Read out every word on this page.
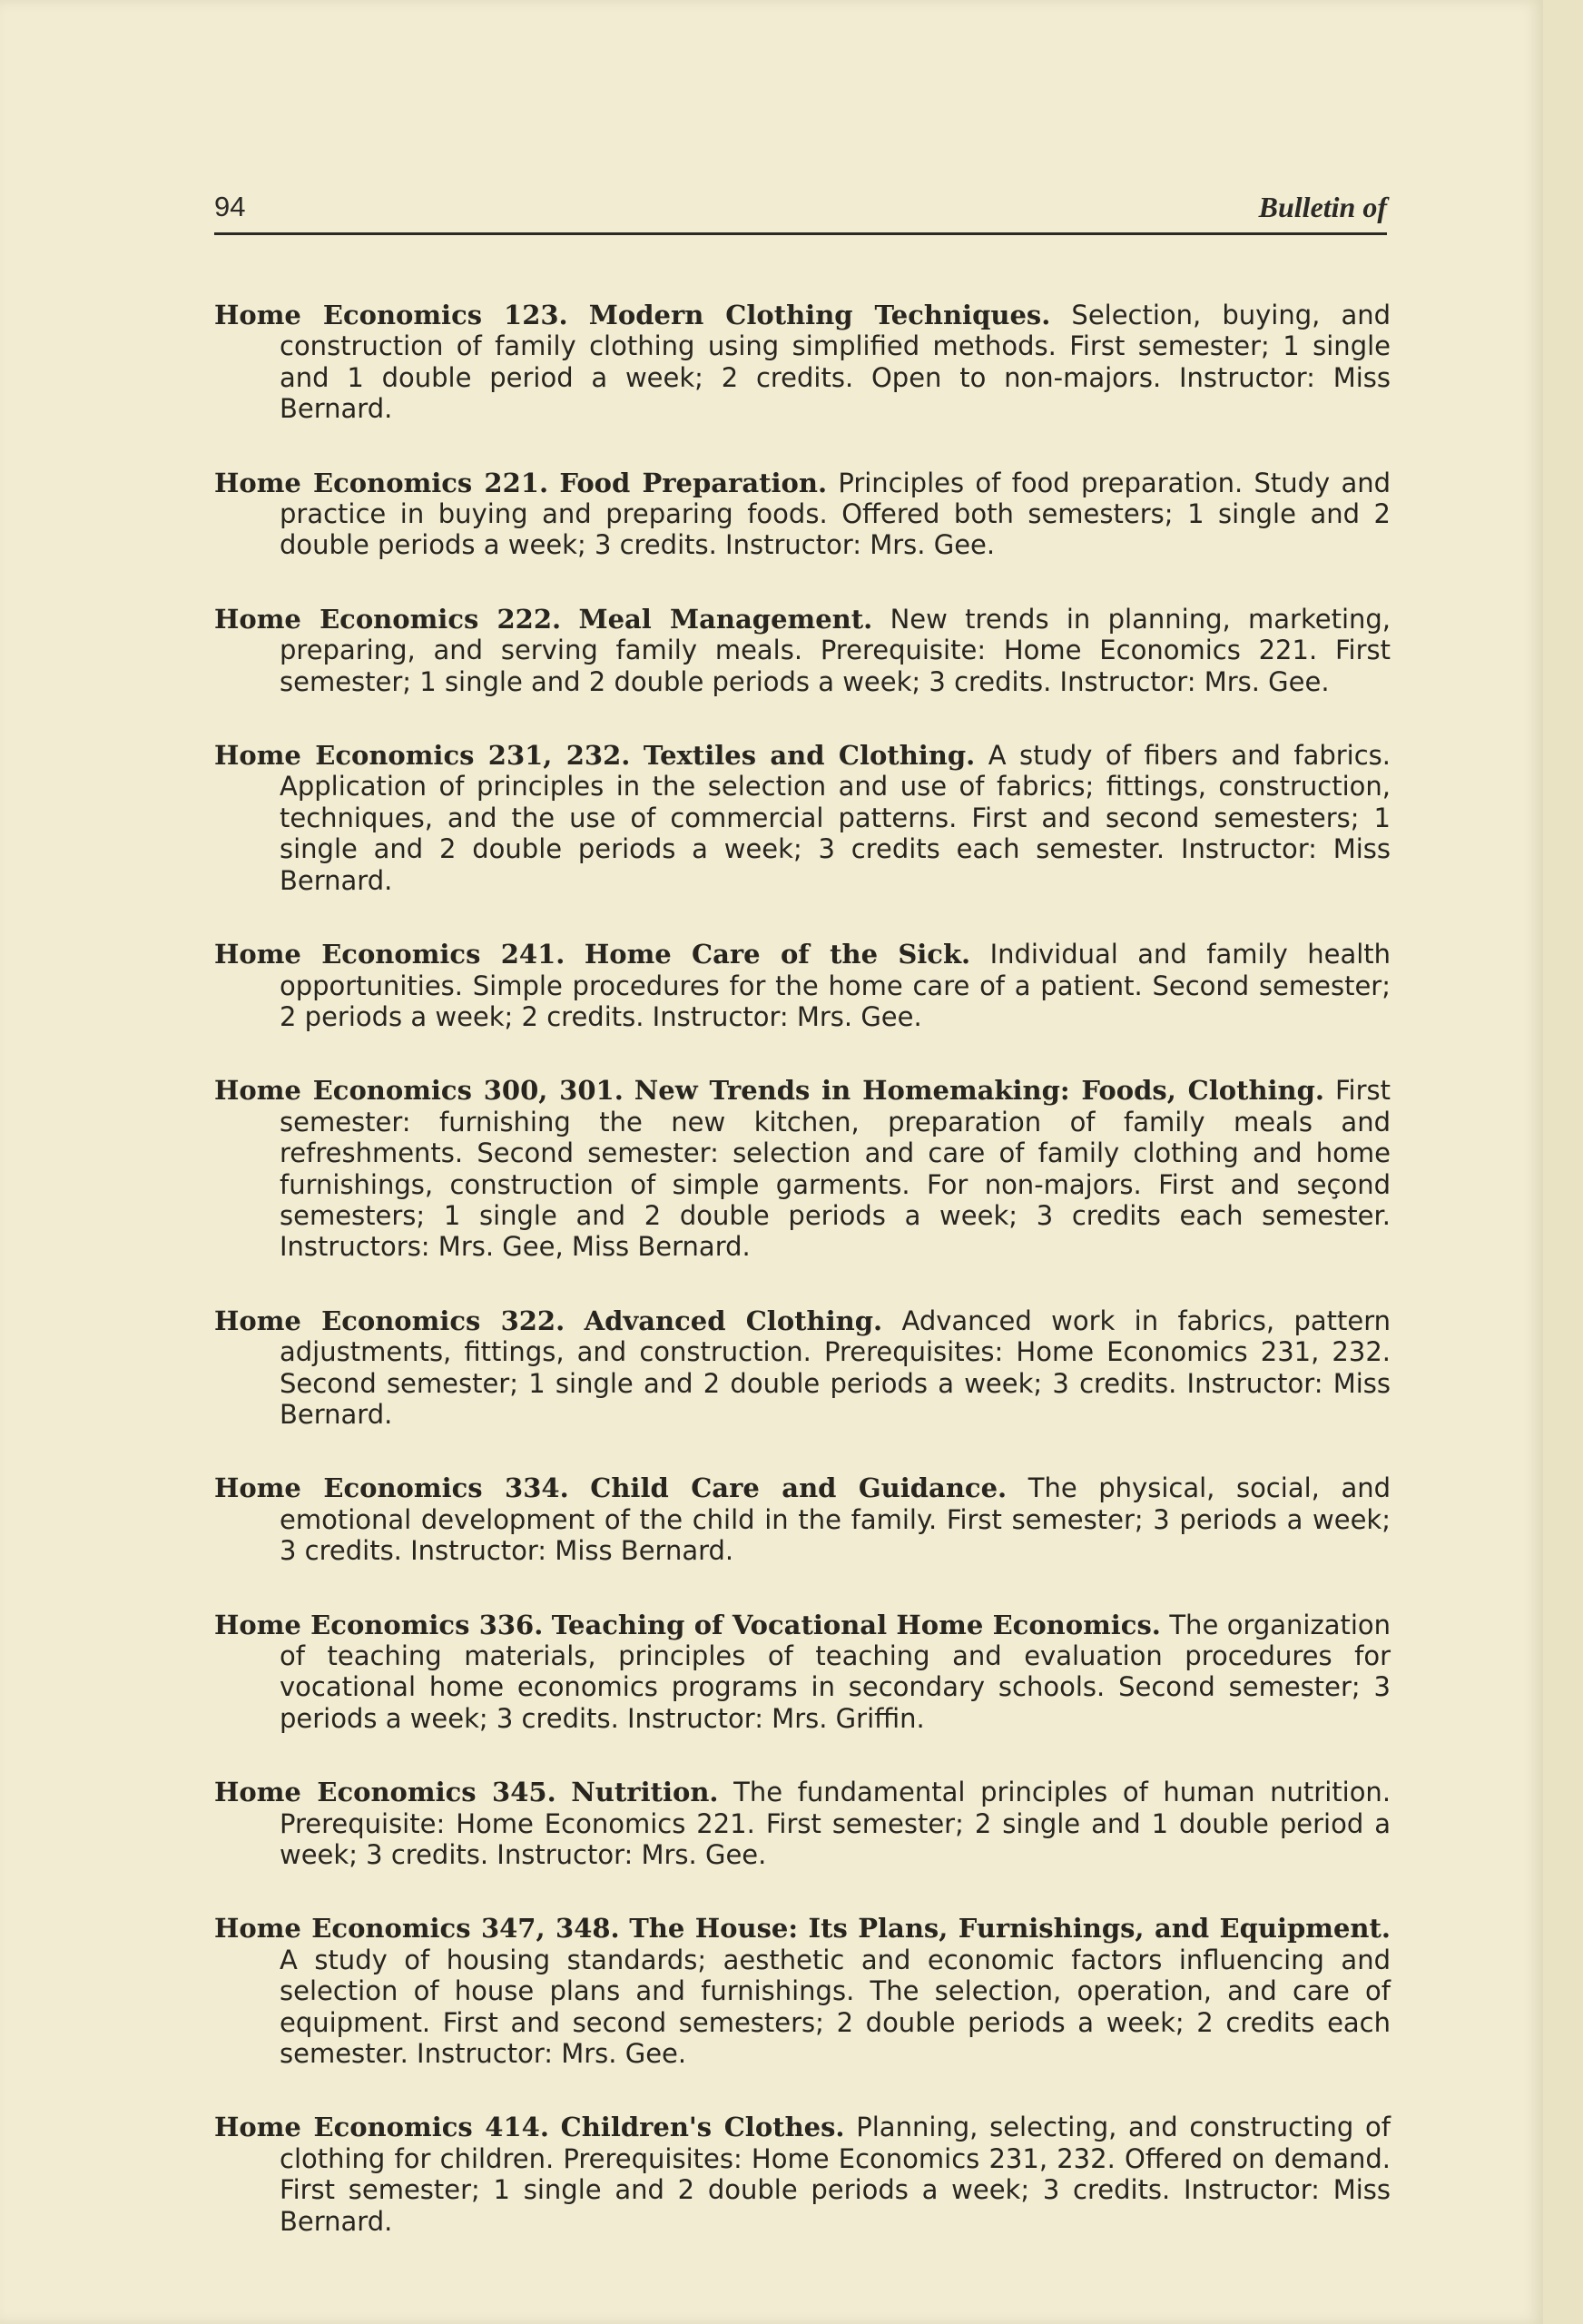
94	Bulletin of

Home Economics 123. Modern Clothing Techniques. Selection, buying, and construction of family clothing using simplified methods. First semester; 1 single and 1 double period a week; 2 credits. Open to non-majors. Instructor: Miss Bernard.

Home Economics 221. Food Preparation. Principles of food preparation. Study and practice in buying and preparing foods. Offered both semesters; 1 single and 2 double periods a week; 3 credits. Instructor: Mrs. Gee.

Home Economics 222. Meal Management. New trends in planning, marketing, preparing, and serving family meals. Prerequisite: Home Economics 221. First semester; 1 single and 2 double periods a week; 3 credits. Instructor: Mrs. Gee.

Home Economics 231, 232. Textiles and Clothing. A study of fibers and fabrics. Application of principles in the selection and use of fabrics; fittings, construction, techniques, and the use of commercial patterns. First and second semesters; 1 single and 2 double periods a week; 3 credits each semester. Instructor: Miss Bernard.

Home Economics 241. Home Care of the Sick. Individual and family health opportunities. Simple procedures for the home care of a patient. Second semester; 2 periods a week; 2 credits. Instructor: Mrs. Gee.

Home Economics 300, 301. New Trends in Homemaking: Foods, Clothing. First semester: furnishing the new kitchen, preparation of family meals and refreshments. Second semester: selection and care of family clothing and home furnishings, construction of simple garments. For non-majors. First and seçond semesters; 1 single and 2 double periods a week; 3 credits each semester. Instructors: Mrs. Gee, Miss Bernard.

Home Economics 322. Advanced Clothing. Advanced work in fabrics, pattern adjustments, fittings, and construction. Prerequisites: Home Economics 231, 232. Second semester; 1 single and 2 double periods a week; 3 credits. Instructor: Miss Bernard.

Home Economics 334. Child Care and Guidance. The physical, social, and emotional development of the child in the family. First semester; 3 periods a week; 3 credits. Instructor: Miss Bernard.

Home Economics 336. Teaching of Vocational Home Economics. The organization of teaching materials, principles of teaching and evaluation procedures for vocational home economics programs in secondary schools. Second semester; 3 periods a week; 3 credits. Instructor: Mrs. Griffin.

Home Economics 345. Nutrition. The fundamental principles of human nutrition. Prerequisite: Home Economics 221. First semester; 2 single and 1 double period a week; 3 credits. Instructor: Mrs. Gee.

Home Economics 347, 348. The House: Its Plans, Furnishings, and Equipment. A study of housing standards; aesthetic and economic factors influencing and selection of house plans and furnishings. The selection, operation, and care of equipment. First and second semesters; 2 double periods a week; 2 credits each semester. Instructor: Mrs. Gee.

Home Economics 414. Children's Clothes. Planning, selecting, and constructing of clothing for children. Prerequisites: Home Economics 231, 232. Offered on demand. First semester; 1 single and 2 double periods a week; 3 credits. Instructor: Miss Bernard.
